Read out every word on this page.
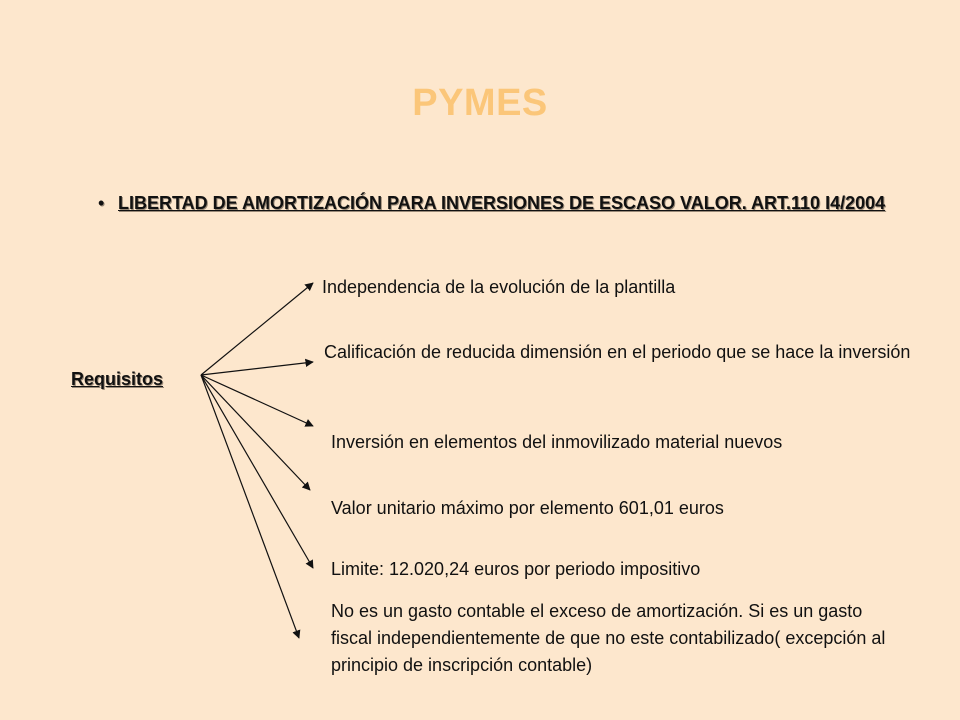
PYMES
• LIBERTAD DE AMORTIZACIÓN PARA INVERSIONES DE ESCASO VALOR. ART.110 I4/2004
Requisitos
Independencia de la evolución de la plantilla
Calificación de reducida dimensión en el periodo que se hace la inversión
Inversión en elementos del inmovilizado material nuevos
Valor unitario máximo por elemento 601,01 euros
Limite: 12.020,24 euros por periodo impositivo
No es un gasto contable el exceso de amortización. Si es un gasto fiscal independientemente de que no este contabilizado( excepción al principio de inscripción contable)
